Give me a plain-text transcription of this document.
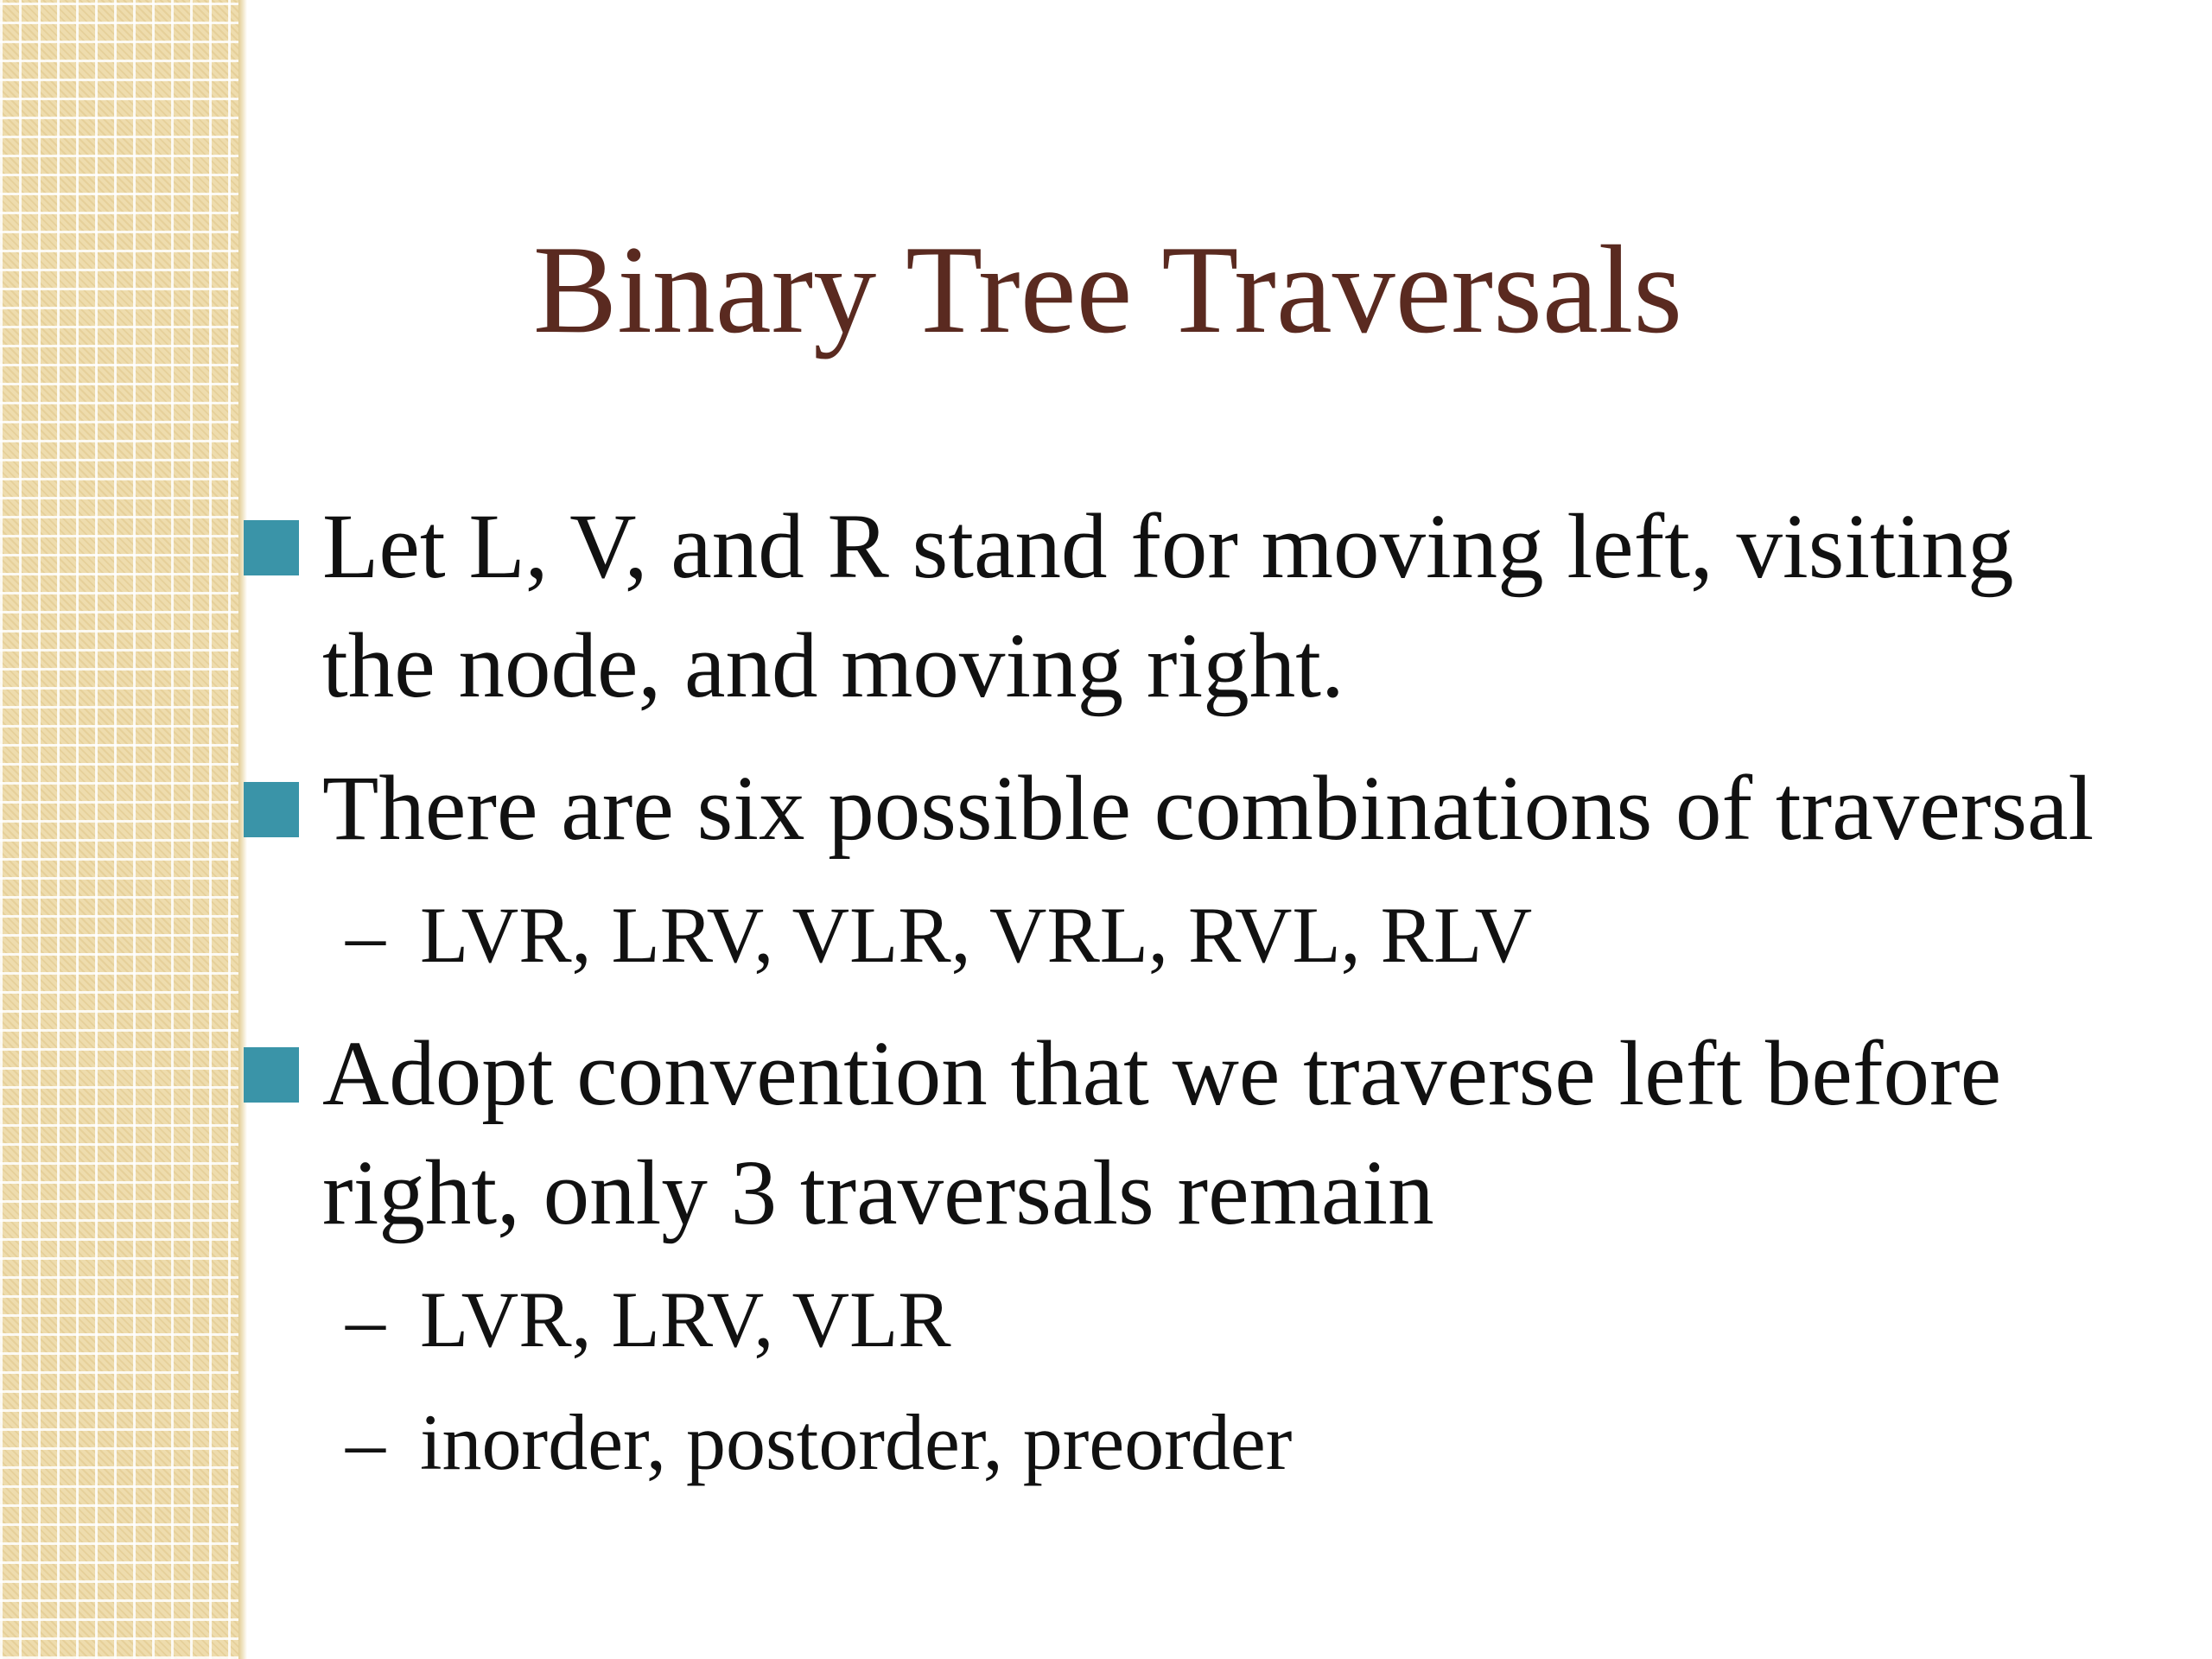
Binary Tree Traversals
Let L, V, and R stand for moving left, visiting
the node, and moving right.
There are six possible combinations of traversal
– LVR, LRV, VLR, VRL, RVL, RLV
Adopt convention that we traverse left before
right, only 3 traversals remain
– LVR, LRV, VLR
– inorder, postorder, preorder
